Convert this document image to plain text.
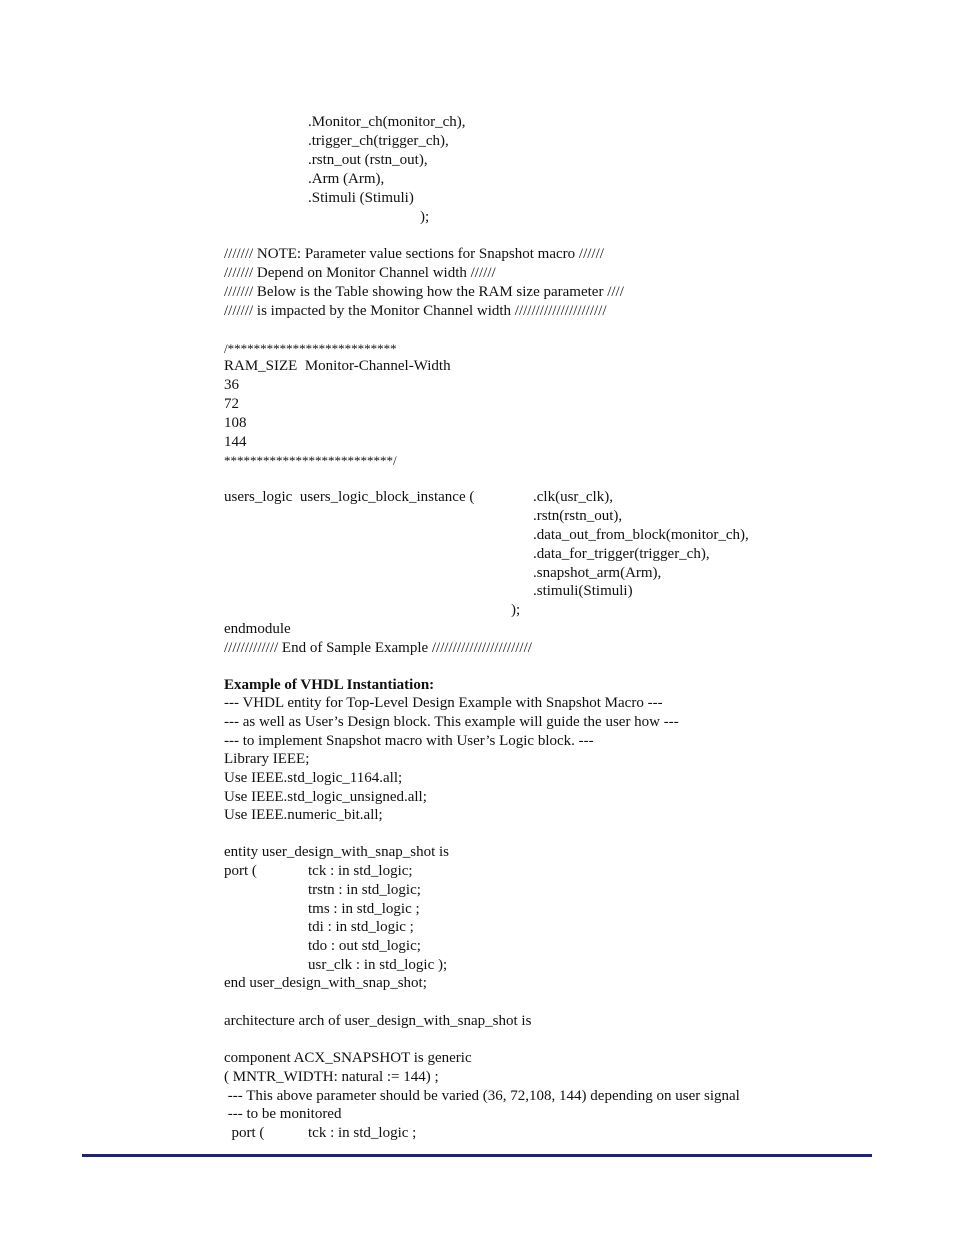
.Monitor_ch(monitor_ch),
.trigger_ch(trigger_ch),
.rstn_out (rstn_out),
.Arm (Arm),
.Stimuli (Stimuli)
);
/////// NOTE: Parameter value sections for Snapshot macro //////
/////// Depend on Monitor Channel width //////
/////// Below is the Table showing how the RAM size parameter ////
/////// is impacted by the Monitor Channel width //////////////////////
/**************************
RAM_SIZE  Monitor-Channel-Width
36
72
108
144
**************************/
users_logic  users_logic_block_instance (	.clk(usr_clk),
.rstn(rstn_out),
.data_out_from_block(monitor_ch),
.data_for_trigger(trigger_ch),
.snapshot_arm(Arm),
.stimuli(Stimuli)
);
endmodule
///////////// End of Sample Example ////////////////////////
Example of VHDL Instantiation:
--- VHDL entity for Top-Level Design Example with Snapshot Macro ---
--- as well as User’s Design block. This example will guide the user how ---
--- to implement Snapshot macro with User’s Logic block. ---
Library IEEE;
Use IEEE.std_logic_1164.all;
Use IEEE.std_logic_unsigned.all;
Use IEEE.numeric_bit.all;
entity user_design_with_snap_shot is
port (	tck : in std_logic;
trstn : in std_logic;
tms : in std_logic ;
tdi : in std_logic ;
tdo : out std_logic;
usr_clk : in std_logic );
end user_design_with_snap_shot;
architecture arch of user_design_with_snap_shot is
component ACX_SNAPSHOT is generic
( MNTR_WIDTH: natural := 144) ;
--- This above parameter should be varied (36, 72,108, 144) depending on user signal
--- to be monitored
port (	tck : in std_logic ;
